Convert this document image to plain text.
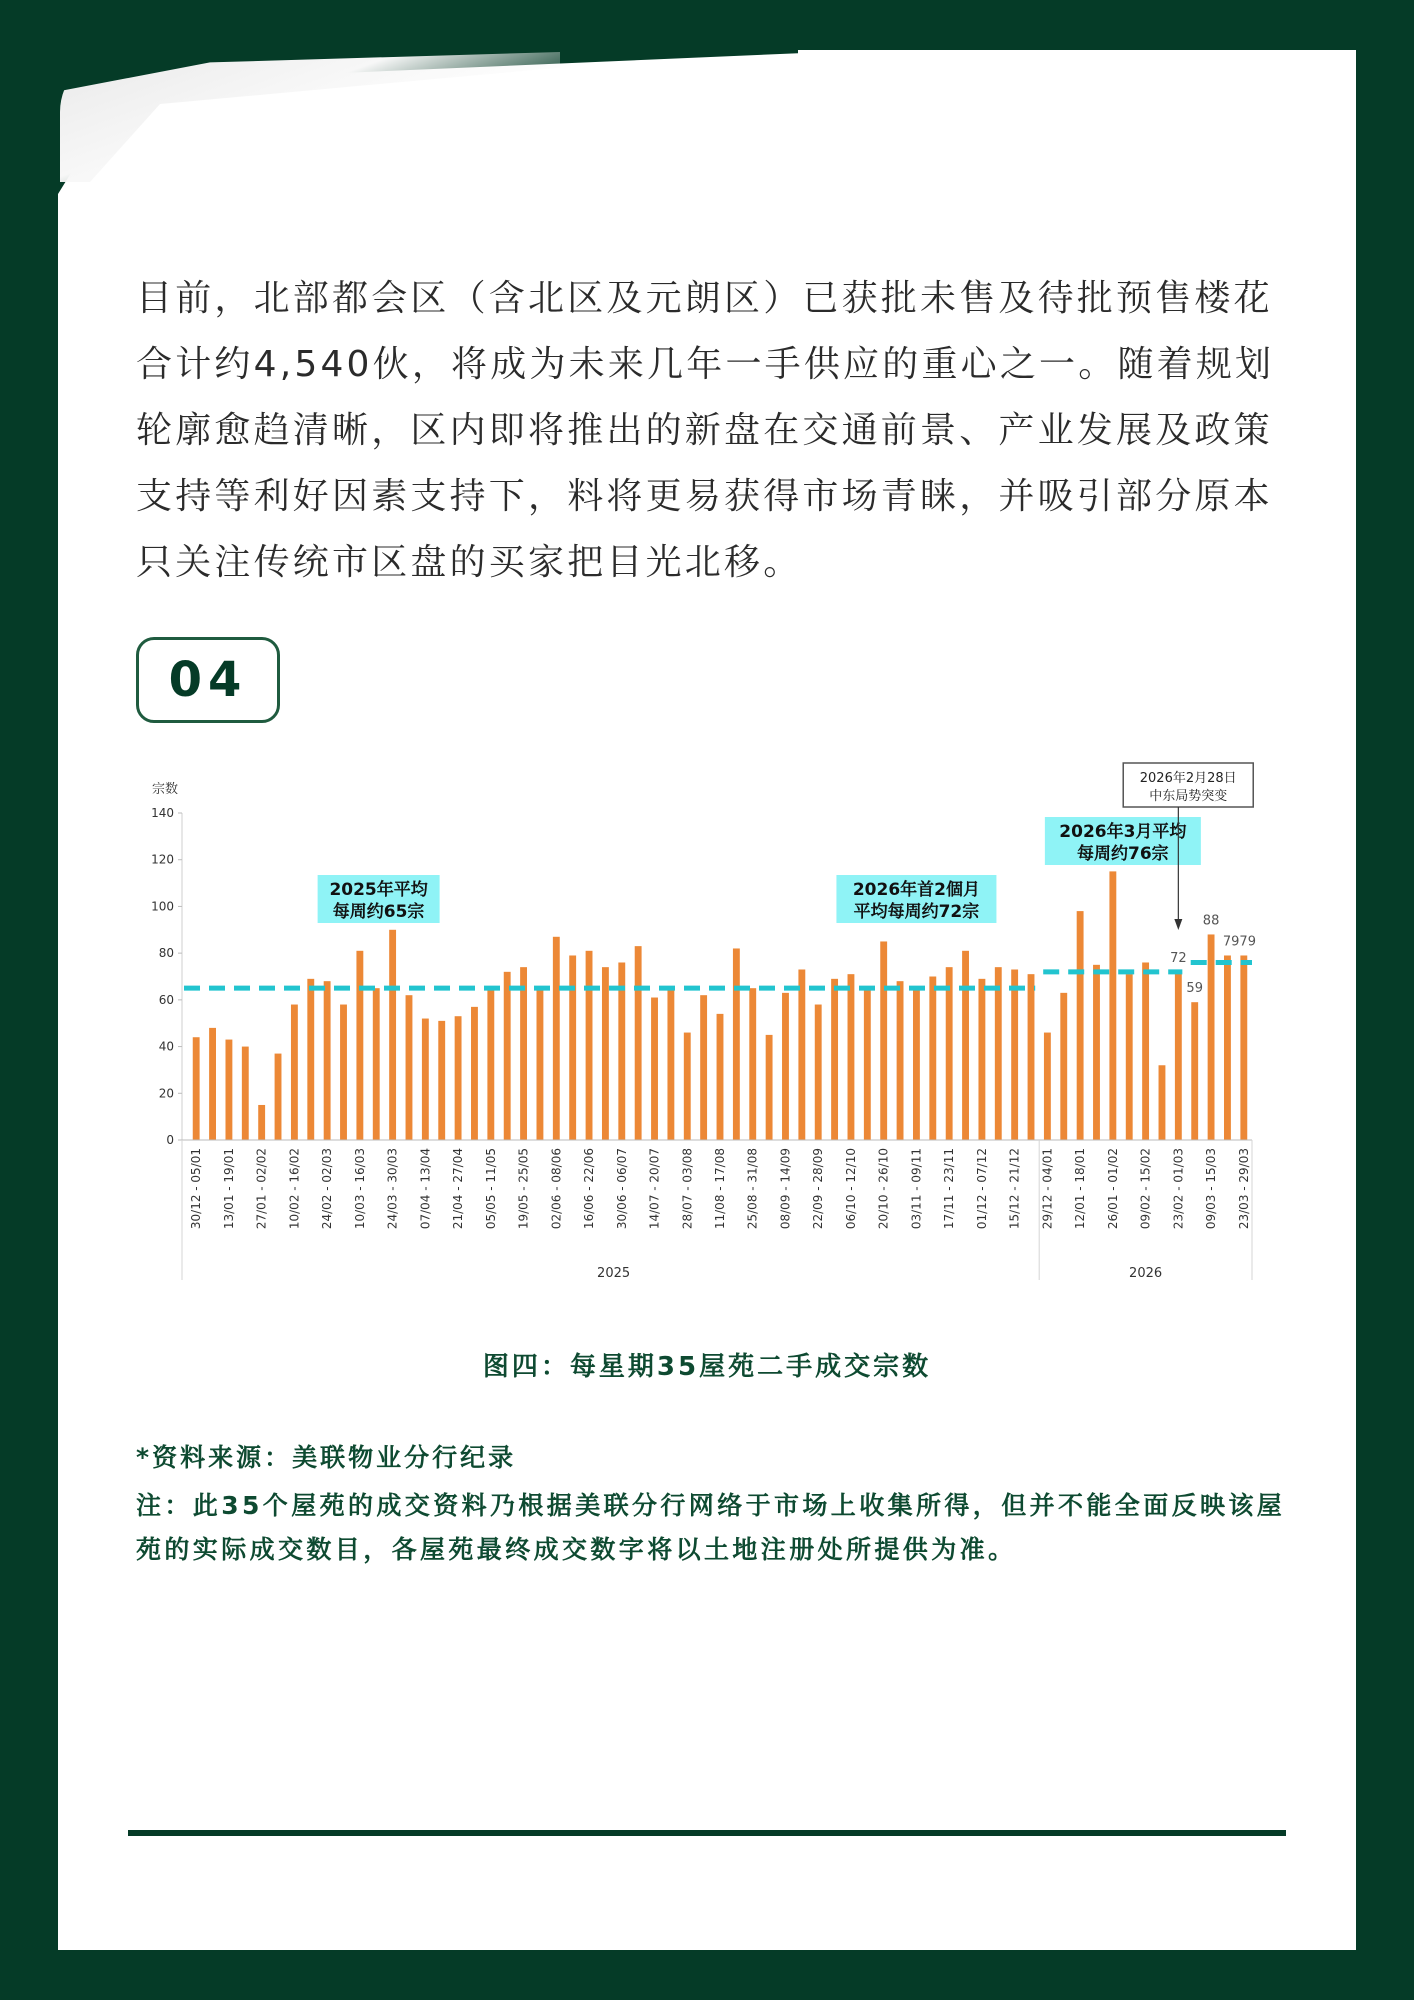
目前，北部都会区（含北区及元朗区）已获批未售及待批预售楼花合计约4,540伙，将成为未来几年一手供应的重心之一。随着规划轮廓愈趋清晰，区内即将推出的新盘在交通前景、产业发展及政策支持等利好因素支持下，料将更易获得市场青睐，并吸引部分原本只关注传统市区盘的买家把目光北移。

04
宗数
0
20
40
60
80
100
120
140
30/12 - 05/01 13/01 - 19/01 27/01 - 02/02 10/02 - 16/02 24/02 - 02/03 10/03 - 16/03 24/03 - 30/03 07/04 - 13/04 21/04 - 27/04 05/05 - 11/05 19/05 - 25/05 02/06 - 08/06 16/06 - 22/06 30/06 - 06/07 14/07 - 20/07 28/07 - 03/08 11/08 - 17/08 25/08 - 31/08 08/09 - 14/09 22/09 - 28/09 06/10 - 12/10 20/10 - 26/10 03/11 - 09/11 17/11 - 23/11 01/12 - 07/12 15/12 - 21/12 29/12 - 04/01 12/01 - 18/01 26/01 - 01/02 09/02 - 15/02 23/02 - 01/03 09/03 - 15/03 23/03 - 29/03
2025	2026
2025年平均
每周约65宗
2026年首2個月
平均每周约72宗
2026年3月平均
每周约76宗
2026年2月28日
中东局势突变
72
59
88
7979
图四：每星期35屋苑二手成交宗数
*资料来源：美联物业分行纪录
注：此35个屋苑的成交资料乃根据美联分行网络于市场上收集所得，但并不能全面反映该屋苑的实际成交数目，各屋苑最终成交数字将以土地注册处所提供为准。
